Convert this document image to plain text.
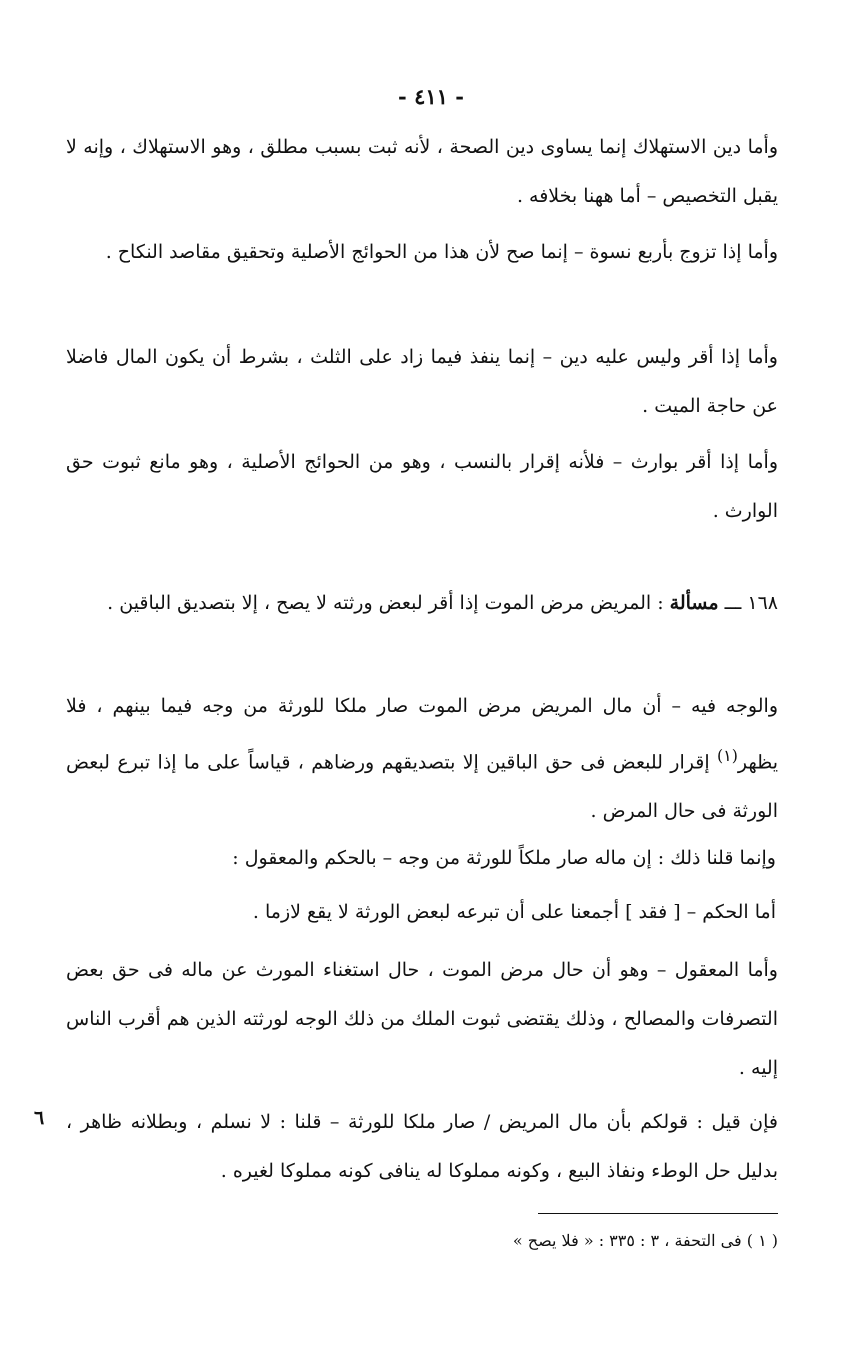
- ٤١١ -
وأما دين الاستهلاك إنما يساوى دين الصحة ، لأنه ثبت بسبب مطلق ، وهو الاستهلاك ، وإنه لا يقبل التخصيص – أما ههنا بخلافه .
وأما إذا تزوج بأربع نسوة – إنما صح لأن هذا من الحوائج الأصلية وتحقيق مقاصد النكاح .
وأما إذا أقر وليس عليه دين – إنما ينفذ فيما زاد على الثلث ، بشرط أن يكون المال فاضلا عن حاجة الميت .
وأما إذا أقر بوارث – فلأنه إقرار بالنسب ، وهو من الحوائج الأصلية ، وهو مانع ثبوت حق الوارث .
١٦٨ ـــ مسألة : المريض مرض الموت إذا أقر لبعض ورثته لا يصح ، إلا بتصديق الباقين .
والوجه فيه – أن مال المريض مرض الموت صار ملكا للورثة من وجه فيما بينهم ، فلا يظهر$^{(١)}$ إقرار للبعض فى حق الباقين إلا بتصديقهم ورضاهم ، قياساً على ما إذا تبرع لبعض الورثة فى حال المرض .
وإنما قلنا ذلك : إن ماله صار ملكاً للورثة من وجه – بالحكم والمعقول :
أما الحكم – [ فقد ] أجمعنا على أن تبرعه لبعض الورثة لا يقع لازما .
وأما المعقول – وهو أن حال مرض الموت ، حال استغناء المورث عن ماله فى حق بعض التصرفات والمصالح ، وذلك يقتضى ثبوت الملك من ذلك الوجه لورثته الذين هم أقرب الناس إليه .
فإن قيل : قولكم بأن مال المريض / صار ملكا للورثة – قلنا : لا نسلم ، وبطلانه ظاهر ، بدليل حل الوطء ونفاذ البيع ، وكونه مملوكا له ينافى كونه مملوكا لغيره .
٦
( ١ ) فى التحفة ، ٣ : ٣٣٥ : « فلا يصح »
